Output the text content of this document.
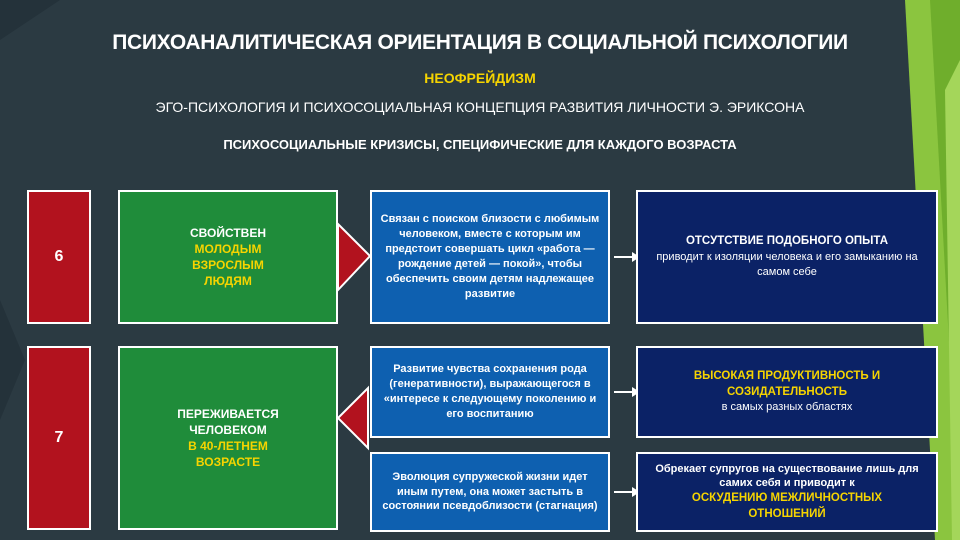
ПСИХОАНАЛИТИЧЕСКАЯ ОРИЕНТАЦИЯ В СОЦИАЛЬНОЙ ПСИХОЛОГИИ
НЕОФРЕЙДИЗМ
ЭГО-ПСИХОЛОГИЯ И ПСИХОСОЦИАЛЬНАЯ КОНЦЕПЦИЯ РАЗВИТИЯ ЛИЧНОСТИ Э. ЭРИКСОНА
ПСИХОСОЦИАЛЬНЫЕ КРИЗИСЫ, СПЕЦИФИЧЕСКИЕ ДЛЯ КАЖДОГО ВОЗРАСТА
6
СВОЙСТВЕН
МОЛОДЫМ ВЗРОСЛЫМ ЛЮДЯМ
Связан с поиском близости с любимым человеком, вместе с которым им предстоит совершать цикл «работа — рождение детей — покой», чтобы обеспечить своим детям надлежащее развитие
ОТСУТСТВИЕ ПОДОБНОГО ОПЫТА
приводит к изоляции человека и его замыканию на самом себе
7
ПЕРЕЖИВАЕТСЯ ЧЕЛОВЕКОМ
В 40-ЛЕТНЕМ ВОЗРАСТЕ
Развитие чувства сохранения рода (генеративности), выражающегося в «интересе к следующему поколению и его воспитанию
Эволюция супружеской жизни идет иным путем, она может застыть в состоянии псевдоблизости (стагнация)
ВЫСОКАЯ ПРОДУКТИВНОСТЬ И СОЗИДАТЕЛЬНОСТЬ
в самых разных областях
Обрекает супругов на существование лишь для самих себя и приводит к
ОСКУДЕНИЮ МЕЖЛИЧНОСТНЫХ ОТНОШЕНИЙ
